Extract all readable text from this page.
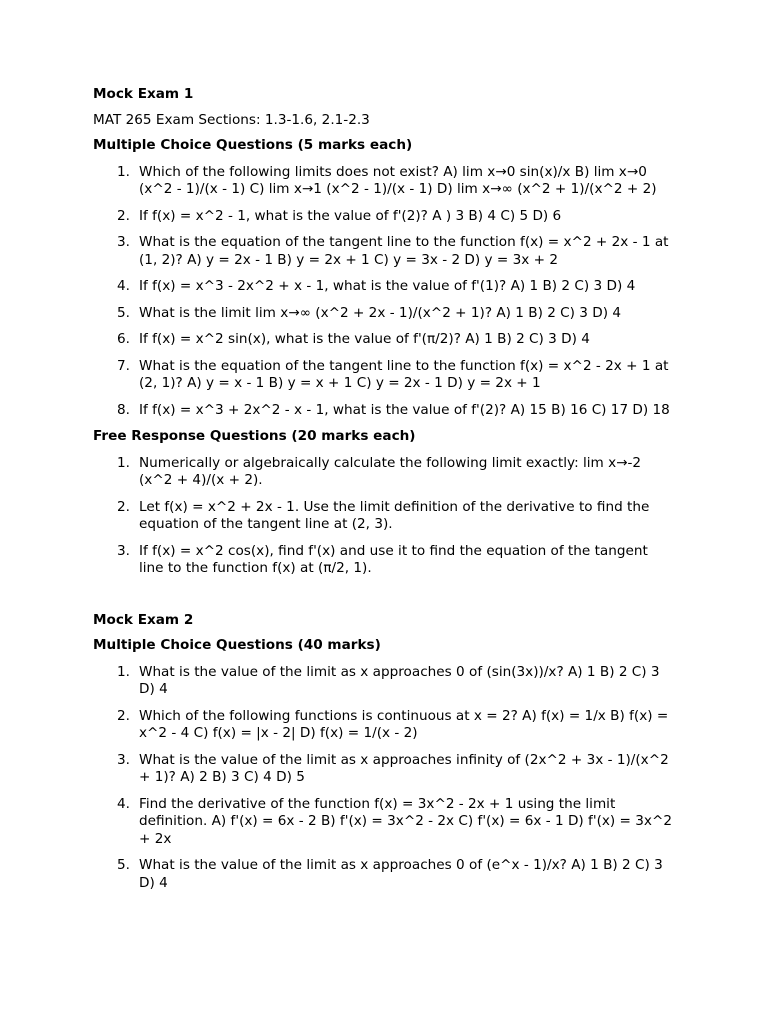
Mock Exam 1

MAT 265 Exam Sections: 1.3-1.6, 2.1-2.3

Multiple Choice Questions (5 marks each)

1. Which of the following limits does not exist? A) lim x→0 sin(x)/x B) lim x→0 (x^2 - 1)/(x - 1) C) lim x→1 (x^2 - 1)/(x - 1) D) lim x→∞ (x^2 + 1)/(x^2 + 2)
2. If f(x) = x^2 - 1, what is the value of f'(2)? A ) 3 B) 4 C) 5 D) 6
3. What is the equation of the tangent line to the function f(x) = x^2 + 2x - 1 at (1, 2)? A) y = 2x - 1 B) y = 2x + 1 C) y = 3x - 2 D) y = 3x + 2
4. If f(x) = x^3 - 2x^2 + x - 1, what is the value of f'(1)? A) 1 B) 2 C) 3 D) 4
5. What is the limit lim x→∞ (x^2 + 2x - 1)/(x^2 + 1)? A) 1 B) 2 C) 3 D) 4
6. If f(x) = x^2 sin(x), what is the value of f'(π/2)? A) 1 B) 2 C) 3 D) 4
7. What is the equation of the tangent line to the function f(x) = x^2 - 2x + 1 at (2, 1)? A) y = x - 1 B) y = x + 1 C) y = 2x - 1 D) y = 2x + 1
8. If f(x) = x^3 + 2x^2 - x - 1, what is the value of f'(2)? A) 15 B) 16 C) 17 D) 18

Free Response Questions (20 marks each)

1. Numerically or algebraically calculate the following limit exactly: lim x→-2 (x^2 + 4)/(x + 2).
2. Let f(x) = x^2 + 2x - 1. Use the limit definition of the derivative to find the equation of the tangent line at (2, 3).
3. If f(x) = x^2 cos(x), find f'(x) and use it to find the equation of the tangent line to the function f(x) at (π/2, 1).

Mock Exam 2

Multiple Choice Questions (40 marks)

1. What is the value of the limit as x approaches 0 of (sin(3x))/x? A) 1 B) 2 C) 3 D) 4
2. Which of the following functions is continuous at x = 2? A) f(x) = 1/x B) f(x) = x^2 - 4 C) f(x) = |x - 2| D) f(x) = 1/(x - 2)
3. What is the value of the limit as x approaches infinity of (2x^2 + 3x - 1)/(x^2 + 1)? A) 2 B) 3 C) 4 D) 5
4. Find the derivative of the function f(x) = 3x^2 - 2x + 1 using the limit definition. A) f'(x) = 6x - 2 B) f'(x) = 3x^2 - 2x C) f'(x) = 6x - 1 D) f'(x) = 3x^2 + 2x
5. What is the value of the limit as x approaches 0 of (e^x - 1)/x? A) 1 B) 2 C) 3 D) 4
